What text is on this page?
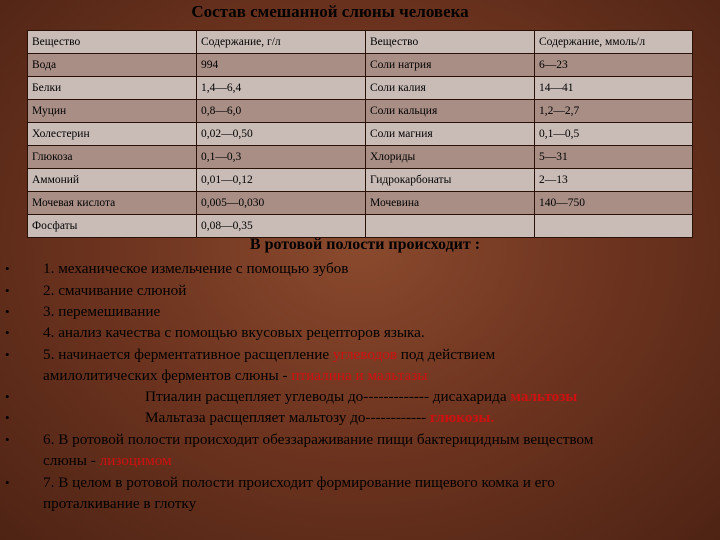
Состав смешанной слюны человека
Вещество	Содержание, г/л	Вещество	Содержание, ммоль/л
Вода	994	Соли натрия	6—23
Белки	1,4—6,4	Соли калия	14—41
Муцин	0,8—6,0	Соли кальция	1,2—2,7
Холестерин	0,02—0,50	Соли магния	0,1—0,5
Глюкоза	0,1—0,3	Хлориды	5—31
Аммоний	0,01—0,12	Гидрокарбонаты	2—13
Мочевая кислота	0,005—0,030	Мочевина	140—750
Фосфаты	0,08—0,35		
В ротовой полости происходит :
•
•
•
•
•
•
•
•
•
1. механическое измельчение с помощью зубов
2. смачивание слюной
3. перемешивание
4. анализ качества с помощью вкусовых рецепторов языка.
5. начинается ферментативное расщепление углеводов под действием
амилолитических ферментов слюны - птиалина и мальтазы
Птиалин расщепляет углеводы до------------- дисахарида мальтозы
Мальтаза расщепляет мальтозу до------------ глюкозы.
6. В ротовой полости происходит обеззараживание пищи бактерицидным веществом
слюны - лизоцимом
7. В целом в ротовой полости происходит формирование пищевого комка и его
проталкивание в глотку
